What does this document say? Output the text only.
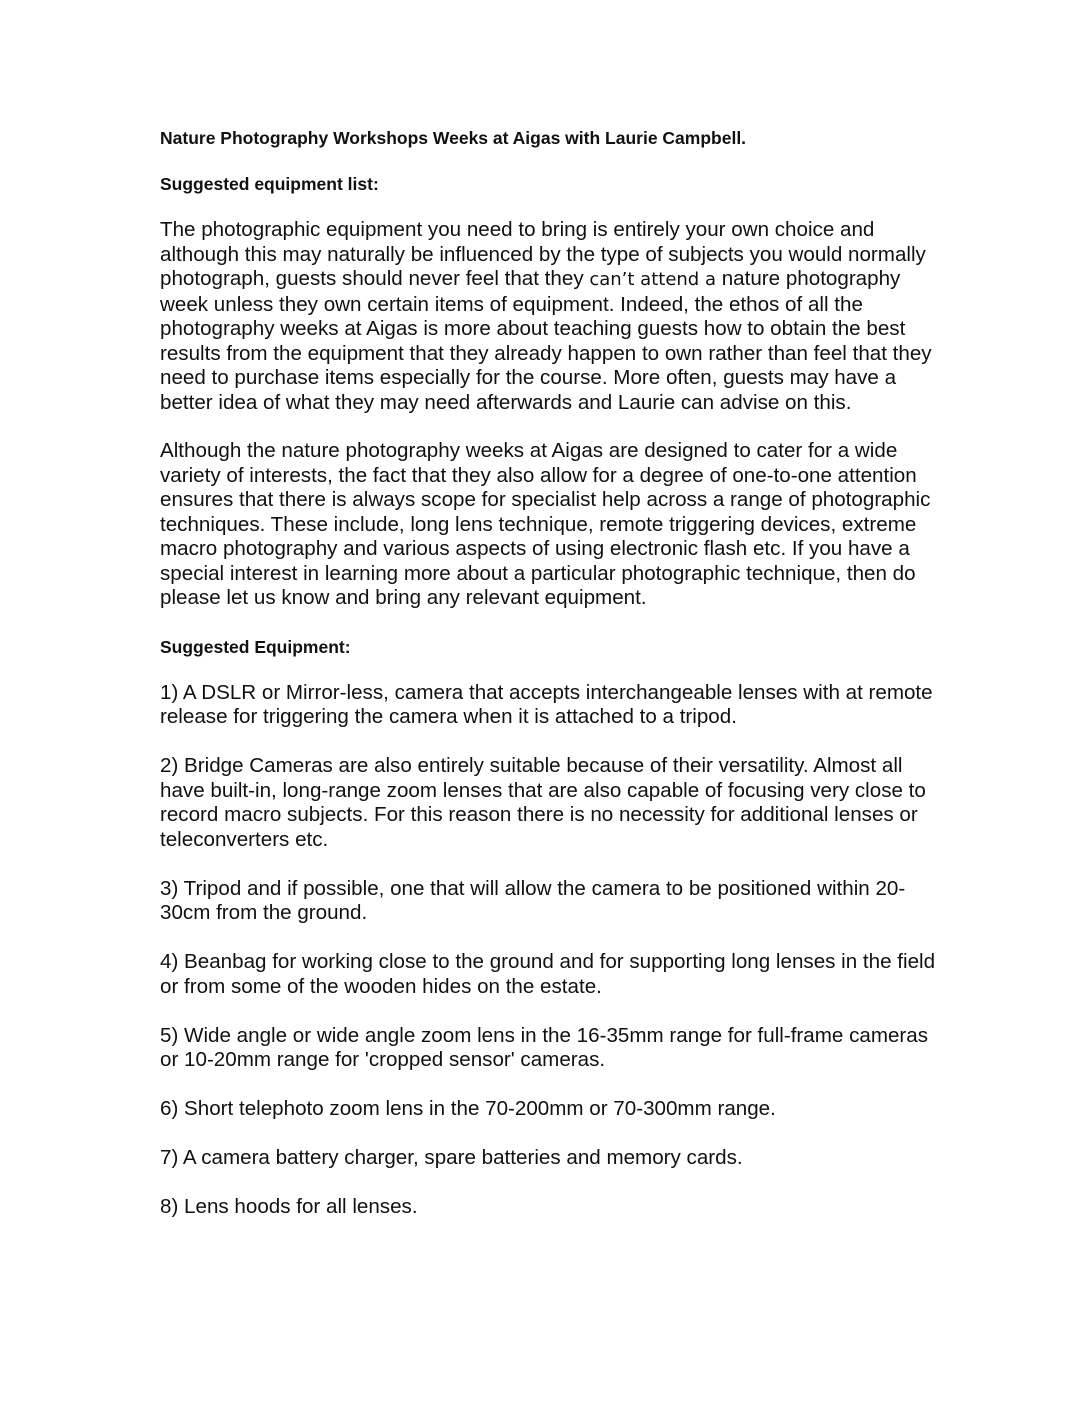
Nature Photography Workshops Weeks at Aigas with Laurie Campbell.
Suggested equipment list:

The photographic equipment you need to bring is entirely your own choice and although this may naturally be influenced by the type of subjects you would normally photograph, guests should never feel that they can’t attend a nature photography week unless they own certain items of equipment. Indeed, the ethos of all the photography weeks at Aigas is more about teaching guests how to obtain the best results from the equipment that they already happen to own rather than feel that they need to purchase items especially for the course. More often, guests may have a better idea of what they may need afterwards and Laurie can advise on this.

Although the nature photography weeks at Aigas are designed to cater for a wide variety of interests, the fact that they also allow for a degree of one-to-one attention ensures that there is always scope for specialist help across a range of photographic techniques. These include, long lens technique, remote triggering devices, extreme macro photography and various aspects of using electronic flash etc. If you have a special interest in learning more about a particular photographic technique, then do please let us know and bring any relevant equipment.

Suggested Equipment:
1) A DSLR or Mirror-less, camera that accepts interchangeable lenses with at remote release for triggering the camera when it is attached to a tripod.
2) Bridge Cameras are also entirely suitable because of their versatility. Almost all have built-in, long-range zoom lenses that are also capable of focusing very close to record macro subjects. For this reason there is no necessity for additional lenses or teleconverters etc.
3) Tripod and if possible, one that will allow the camera to be positioned within 20-30cm from the ground.
4) Beanbag for working close to the ground and for supporting long lenses in the field or from some of the wooden hides on the estate.
5) Wide angle or wide angle zoom lens in the 16-35mm range for full-frame cameras or 10-20mm range for 'cropped sensor' cameras.
6) Short telephoto zoom lens in the 70-200mm or 70-300mm range.
7) A camera battery charger, spare batteries and memory cards.
8) Lens hoods for all lenses.
